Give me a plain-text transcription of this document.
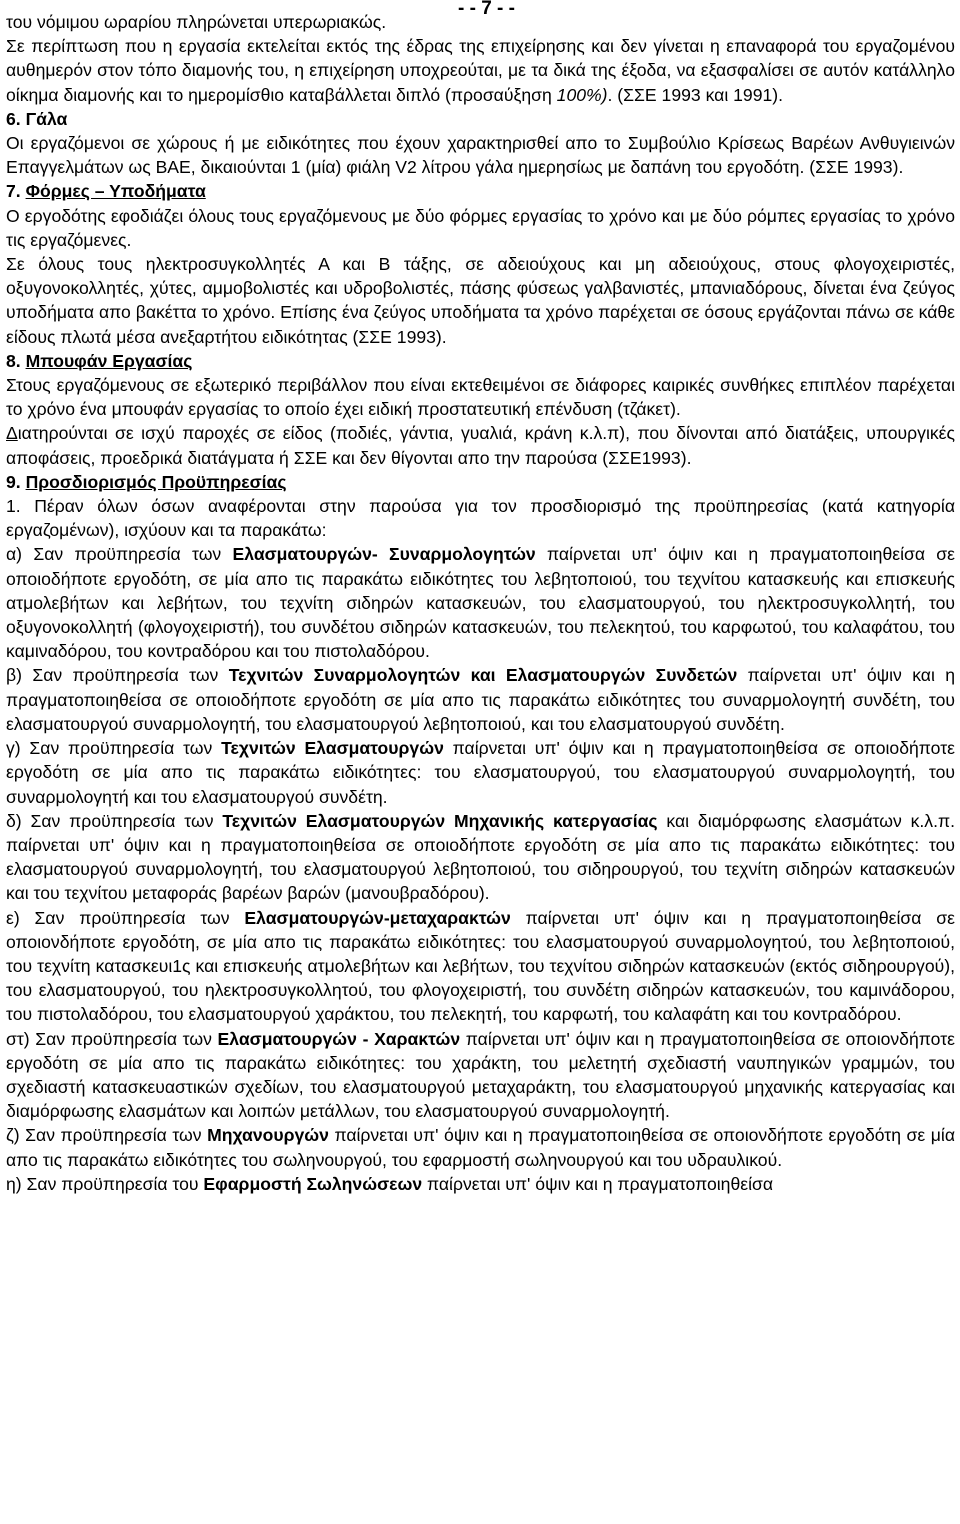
- - 7 - -

του νόμιμου ωραρίου πληρώνεται υπερωριακώς.

Σε περίπτωση που η εργασία εκτελείται εκτός της έδρας της επιχείρησης και δεν γίνεται η επαναφορά του εργαζομένου αυθημερόν στον τόπο διαμονής του, η επιχείρηση υποχρεούται, με τα δικά της έξοδα, να εξασφαλίσει σε αυτόν κατάλληλο οίκημα διαμονής και το ημερομίσθιο καταβάλλεται διπλό (προσαύξηση 100%). (ΣΣΕ 1993 και 1991).

6. Γάλα

Οι εργαζόμενοι σε χώρους ή με ειδικότητες που έχουν χαρακτηρισθεί απο το Συμβούλιο Κρίσεως Βαρέων Ανθυγιεινών Επαγγελμάτων ως ΒΑΕ, δικαιούνται 1 (μία) φιάλη V2 λίτρου γάλα ημερησίως με δαπάνη του εργοδότη. (ΣΣΕ 1993).

7. Φόρμες – Υποδήματα

Ο εργοδότης εφοδιάζει όλους τους εργαζόμενους με δύο φόρμες εργασίας το χρόνο και με δύο ρόμπες εργασίας το χρόνο τις εργαζόμενες.

Σε όλους τους ηλεκτροσυγκολλητές Α και Β τάξης, σε αδειούχους και μη αδειούχους, στους φλογοχειριστές, οξυγονοκολλητές, χύτες, αμμοβολιστές και υδροβολιστές, πάσης φύσεως γαλβανιστές, μπανιαδόρους, δίνεται ένα ζεύγος υποδήματα απο βακέττα το χρόνο. Επίσης ένα ζεύγος υποδήματα τα χρόνο παρέχεται σε όσους εργάζονται πάνω σε κάθε είδους πλωτά μέσα ανεξαρτήτου ειδικότητας (ΣΣΕ 1993).

8. Μπουφάν Εργασίας

Στους εργαζόμενους σε εξωτερικό περιβάλλον που είναι εκτεθειμένοι σε διάφορες καιρικές συνθήκες επιπλέον παρέχεται το χρόνο ένα μπουφάν εργασίας το οποίο έχει ειδική προστατευτική επένδυση (τζάκετ).

Διατηρούνται σε ισχύ παροχές σε είδος (ποδιές, γάντια, γυαλιά, κράνη κ.λ.π), που δίνονται από διατάξεις, υπουργικές αποφάσεις, προεδρικά διατάγματα ή ΣΣΕ και δεν θίγονται απο την παρούσα (ΣΣΕ1993).

9. Προσδιορισμός Προϋπηρεσίας

1. Πέραν όλων όσων αναφέρονται στην παρούσα για τον προσδιορισμό της προϋπηρεσίας (κατά κατηγορία εργαζομένων), ισχύουν και τα παρακάτω:

α) Σαν προϋπηρεσία των Ελασματουργών- Συναρμολογητών παίρνεται υπ' όψιν και η πραγματοποιηθείσα σε οποιοδήποτε εργοδότη, σε μία απο τις παρακάτω ειδικότητες του λεβητοποιού, του τεχνίτου κατασκευής και επισκευής ατμολεβήτων και λεβήτων, του τεχνίτη σιδηρών κατασκευών, του ελασματουργού, του ηλεκτροσυγκολλητή, του οξυγονοκολλητή (φλογοχειριστή), του συνδέτου σιδηρών κατασκευών, του πελεκητού, του καρφωτού, του καλαφάτου, του καμιναδόρου, του κοντραδόρου και του πιστολαδόρου.

β) Σαν προϋπηρεσία των Τεχνιτών Συναρμολογητών και Ελασματουργών Συνδετών παίρνεται υπ' όψιν και η πραγματοποιηθείσα σε οποιοδήποτε εργοδότη σε μία απο τις παρακάτω ειδικότητες του συναρμολογητή συνδέτη, του ελασματουργού συναρμολογητή, του ελασματουργού λεβητοποιού, και του ελασματουργού συνδέτη.

γ) Σαν προϋπηρεσία των Τεχνιτών Ελασματουργών παίρνεται υπ' όψιν και η πραγματοποιηθείσα σε οποιοδήποτε εργοδότη σε μία απο τις παρακάτω ειδικότητες: του ελασματουργού, του ελασματουργού συναρμολογητή, του συναρμολογητή και του ελασματουργού συνδέτη.

δ) Σαν προϋπηρεσία των Τεχνιτών Ελασματουργών Μηχανικής κατεργασίας και διαμόρφωσης ελασμάτων κ.λ.π. παίρνεται υπ' όψιν και η πραγματοποιηθείσα σε οποιοδήποτε εργοδότη σε μία απο τις παρακάτω ειδικότητες: του ελασματουργού συναρμολογητή, του ελασματουργού λεβητοποιού, του σιδηρουργού, του τεχνίτη σιδηρών κατασκευών και του τεχνίτου μεταφοράς βαρέων βαρών (μανουβραδόρου).

ε) Σαν προϋπηρεσία των Ελασματουργών-μεταχαρακτών παίρνεται υπ' όψιν και η πραγματοποιηθείσα σε οποιονδήποτε εργοδότη, σε μία απο τις παρακάτω ειδικότητες: του ελασματουργού συναρμολογητού, του λεβητοποιού, του τεχνίτη κατασκευι1ς και επισκευής ατμολεβήτων και λεβήτων, του τεχνίτου σιδηρών κατασκευών (εκτός σιδηρουργού), του ελασματουργού, του ηλεκτροσυγκολλητού, του φλογοχειριστή, του συνδέτη σιδηρών κατασκευών, του καμινάδορου, του πιστολαδόρου, του ελασματουργού χαράκτου, του πελεκητή, του καρφωτή, του καλαφάτη και του κοντραδόρου.

στ) Σαν προϋπηρεσία των Ελασματουργών - Χαρακτών παίρνεται υπ' όψιν και η πραγματοποιηθείσα σε οποιονδήποτε εργοδότη σε μία απο τις παρακάτω ειδικότητες: του χαράκτη, του μελετητή σχεδιαστή ναυπηγικών γραμμών, του σχεδιαστή κατασκευαστικών σχεδίων, του ελασματουργού μεταχαράκτη, του ελασματουργού μηχανικής κατεργασίας και διαμόρφωσης ελασμάτων και λοιπών μετάλλων, του ελασματουργού συναρμολογητή.

ζ) Σαν προϋπηρεσία των Μηχανουργών παίρνεται υπ' όψιν και η πραγματοποιηθείσα σε οποιονδήποτε εργοδότη σε μία απο τις παρακάτω ειδικότητες του σωληνουργού, του εφαρμοστή σωληνουργού και του υδραυλικού.

η) Σαν προϋπηρεσία του Εφαρμοστή Σωληνώσεων παίρνεται υπ' όψιν και η πραγματοποιηθείσα
